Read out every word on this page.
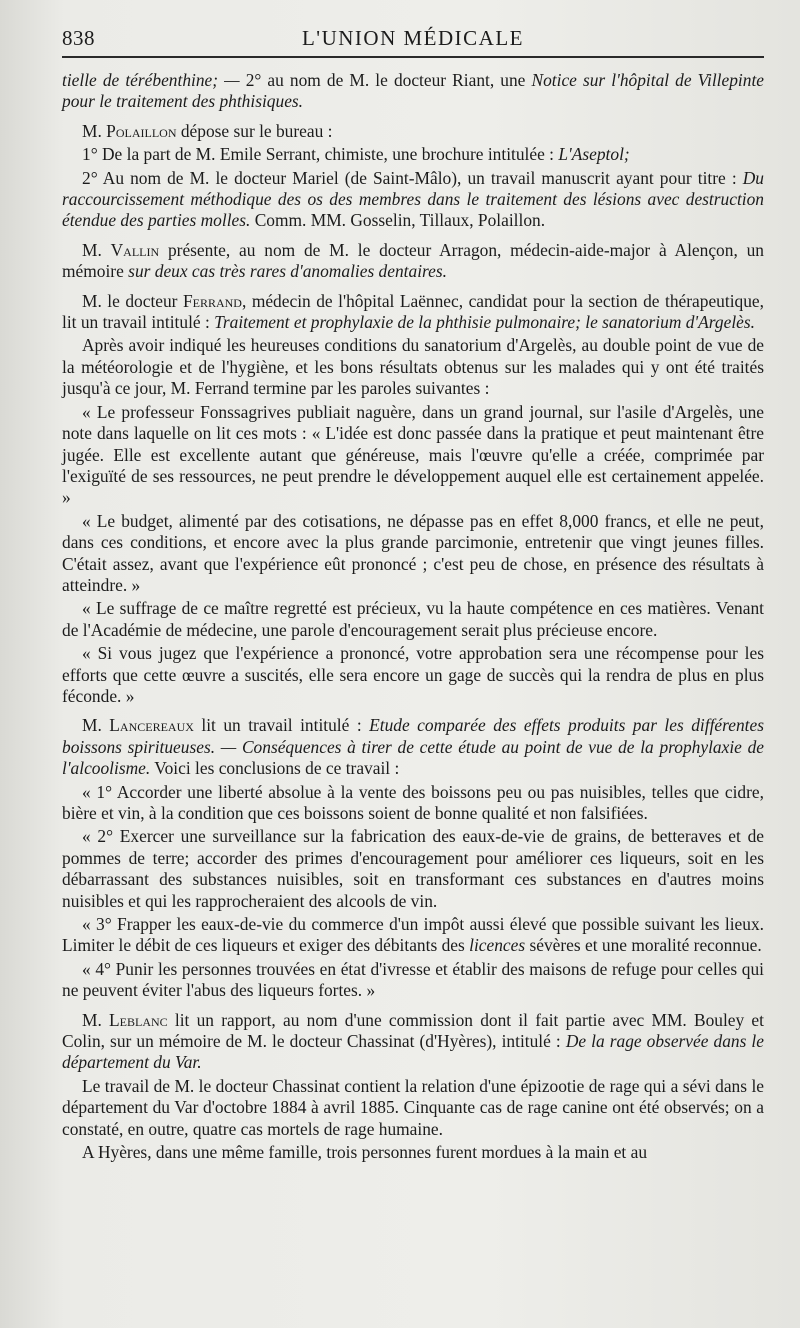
838	L'UNION MÉDICALE

tielle de térébenthine; — 2° au nom de M. le docteur Riant, une Notice sur l'hôpital de Villepinte pour le traitement des phthisiques.

M. Polaillon dépose sur le bureau :

1° De la part de M. Emile Serrant, chimiste, une brochure intitulée : L'Aseptol;

2° Au nom de M. le docteur Mariel (de Saint-Mâlo), un travail manuscrit ayant pour titre : Du raccourcissement méthodique des os des membres dans le traitement des lésions avec destruction étendue des parties molles. Comm. MM. Gosselin, Tillaux, Polaillon.

M. Vallin présente, au nom de M. le docteur Arragon, médecin-aide-major à Alençon, un mémoire sur deux cas très rares d'anomalies dentaires.

M. le docteur Ferrand, médecin de l'hôpital Laënnec, candidat pour la section de thérapeutique, lit un travail intitulé : Traitement et prophylaxie de la phthisie pulmonaire; le sanatorium d'Argelès.

Après avoir indiqué les heureuses conditions du sanatorium d'Argelès, au double point de vue de la météorologie et de l'hygiène, et les bons résultats obtenus sur les malades qui y ont été traités jusqu'à ce jour, M. Ferrand termine par les paroles suivantes :

« Le professeur Fonssagrives publiait naguère, dans un grand journal, sur l'asile d'Argelès, une note dans laquelle on lit ces mots : « L'idée est donc passée dans la pratique et peut maintenant être jugée. Elle est excellente autant que généreuse, mais l'œuvre qu'elle a créée, comprimée par l'exiguïté de ses ressources, ne peut prendre le développement auquel elle est certainement appelée. »

« Le budget, alimenté par des cotisations, ne dépasse pas en effet 8,000 francs, et elle ne peut, dans ces conditions, et encore avec la plus grande parcimonie, entretenir que vingt jeunes filles. C'était assez, avant que l'expérience eût prononcé ; c'est peu de chose, en présence des résultats à atteindre. »

« Le suffrage de ce maître regretté est précieux, vu la haute compétence en ces matières. Venant de l'Académie de médecine, une parole d'encouragement serait plus précieuse encore.

« Si vous jugez que l'expérience a prononcé, votre approbation sera une récompense pour les efforts que cette œuvre a suscités, elle sera encore un gage de succès qui la rendra de plus en plus féconde. »

M. Lancereaux lit un travail intitulé : Etude comparée des effets produits par les différentes boissons spiritueuses. — Conséquences à tirer de cette étude au point de vue de la prophylaxie de l'alcoolisme. Voici les conclusions de ce travail :

« 1° Accorder une liberté absolue à la vente des boissons peu ou pas nuisibles, telles que cidre, bière et vin, à la condition que ces boissons soient de bonne qualité et non falsifiées.

« 2° Exercer une surveillance sur la fabrication des eaux-de-vie de grains, de betteraves et de pommes de terre; accorder des primes d'encouragement pour améliorer ces liqueurs, soit en les débarrassant des substances nuisibles, soit en transformant ces substances en d'autres moins nuisibles et qui les rapprocheraient des alcools de vin.

« 3° Frapper les eaux-de-vie du commerce d'un impôt aussi élevé que possible suivant les lieux. Limiter le débit de ces liqueurs et exiger des débitants des licences sévères et une moralité reconnue.

« 4° Punir les personnes trouvées en état d'ivresse et établir des maisons de refuge pour celles qui ne peuvent éviter l'abus des liqueurs fortes. »

M. Leblanc lit un rapport, au nom d'une commission dont il fait partie avec MM. Bouley et Colin, sur un mémoire de M. le docteur Chassinat (d'Hyères), intitulé : De la rage observée dans le département du Var.

Le travail de M. le docteur Chassinat contient la relation d'une épizootie de rage qui a sévi dans le département du Var d'octobre 1884 à avril 1885. Cinquante cas de rage canine ont été observés; on a constaté, en outre, quatre cas mortels de rage humaine.

A Hyères, dans une même famille, trois personnes furent mordues à la main et au
